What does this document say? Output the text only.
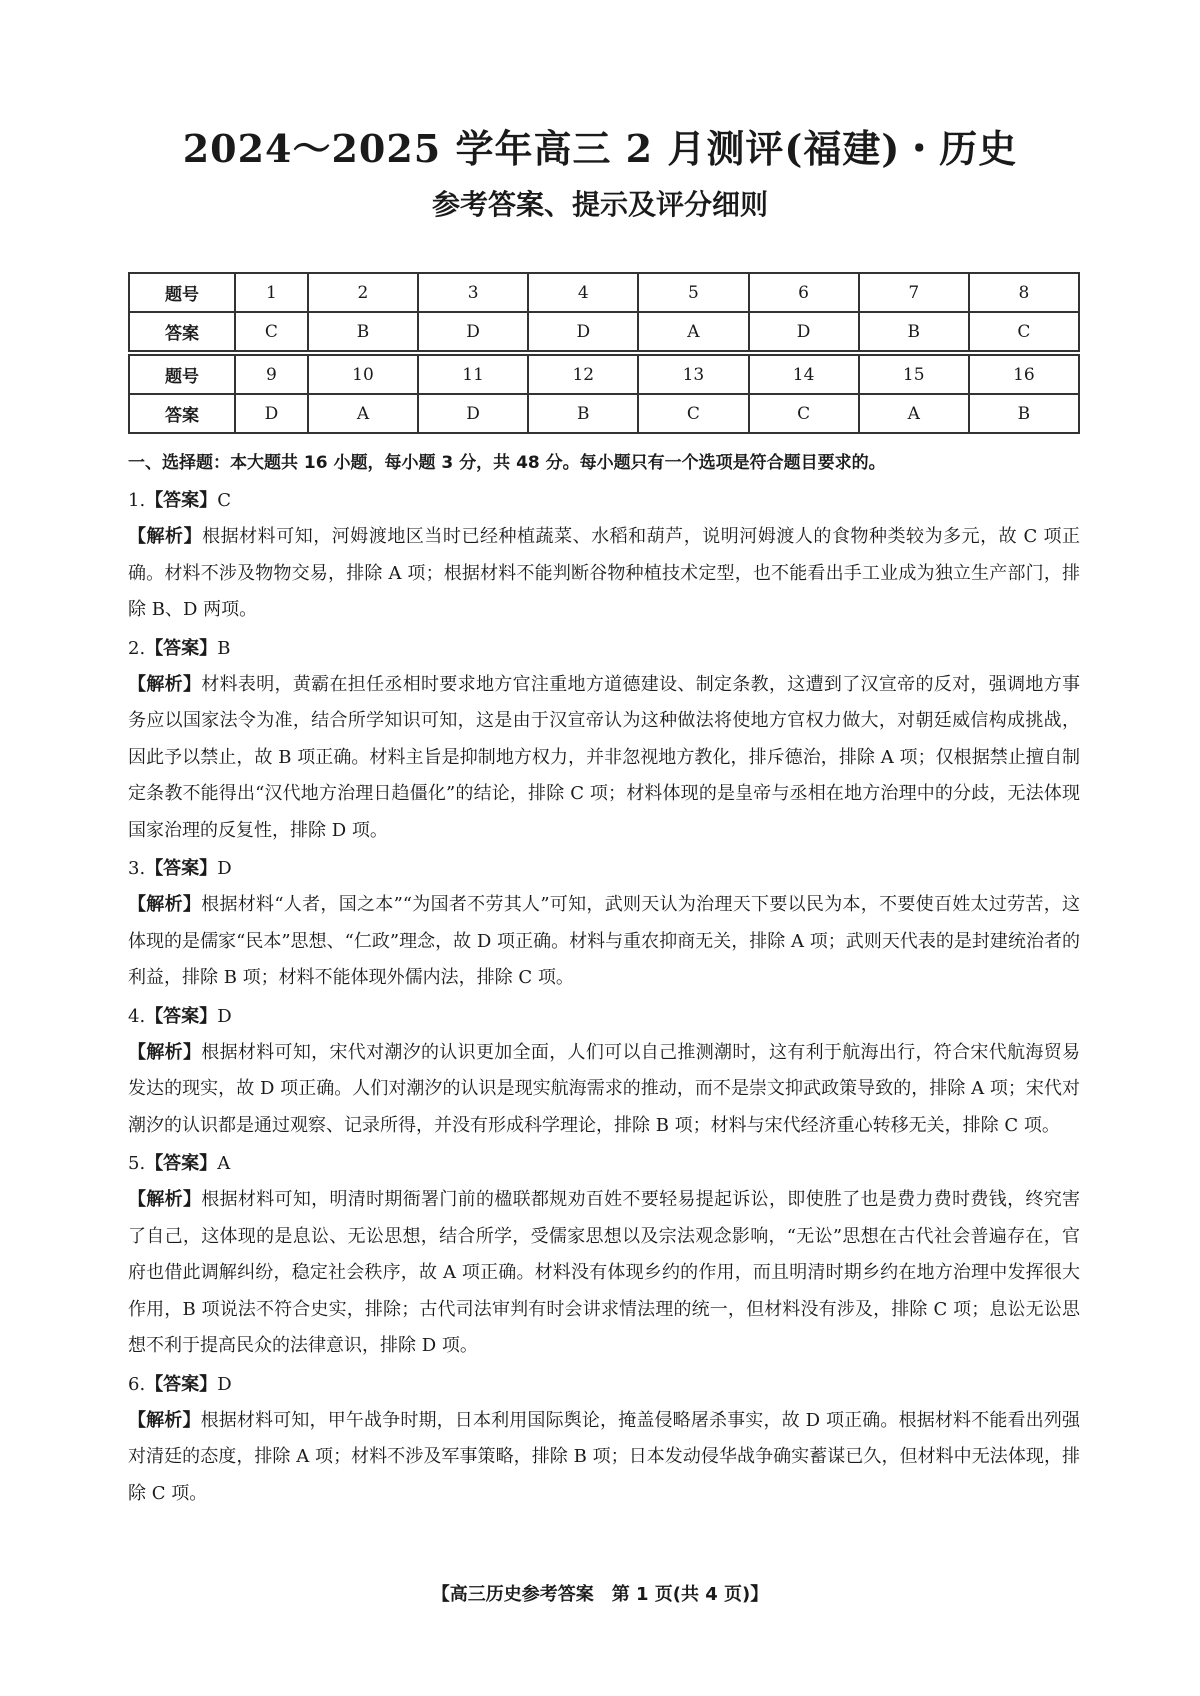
2024～2025 学年高三 2 月测评(福建)・历史
参考答案、提示及评分细则
题号	1	2	3	4	5	6	7	8
答案	C	B	D	D	A	D	B	C
题号	9	10	11	12	13	14	15	16
答案	D	A	D	B	C	C	A	B

一、选择题：本大题共 16 小题，每小题 3 分，共 48 分。每小题只有一个选项是符合题目要求的。

1.【答案】C

【解析】根据材料可知，河姆渡地区当时已经种植蔬菜、水稻和葫芦，说明河姆渡人的食物种类较为多元，故 C 项正确。材料不涉及物物交易，排除 A 项；根据材料不能判断谷物种植技术定型，也不能看出手工业成为独立生产部门，排除 B、D 两项。

2.【答案】B

【解析】材料表明，黄霸在担任丞相时要求地方官注重地方道德建设、制定条教，这遭到了汉宣帝的反对，强调地方事务应以国家法令为准，结合所学知识可知，这是由于汉宣帝认为这种做法将使地方官权力做大，对朝廷威信构成挑战，因此予以禁止，故 B 项正确。材料主旨是抑制地方权力，并非忽视地方教化，排斥德治，排除 A 项；仅根据禁止擅自制定条教不能得出“汉代地方治理日趋僵化”的结论，排除 C 项；材料体现的是皇帝与丞相在地方治理中的分歧，无法体现国家治理的反复性，排除 D 项。

3.【答案】D

【解析】根据材料“人者，国之本”“为国者不劳其人”可知，武则天认为治理天下要以民为本，不要使百姓太过劳苦，这体现的是儒家“民本”思想、“仁政”理念，故 D 项正确。材料与重农抑商无关，排除 A 项；武则天代表的是封建统治者的利益，排除 B 项；材料不能体现外儒内法，排除 C 项。

4.【答案】D

【解析】根据材料可知，宋代对潮汐的认识更加全面，人们可以自己推测潮时，这有利于航海出行，符合宋代航海贸易发达的现实，故 D 项正确。人们对潮汐的认识是现实航海需求的推动，而不是崇文抑武政策导致的，排除 A 项；宋代对潮汐的认识都是通过观察、记录所得，并没有形成科学理论，排除 B 项；材料与宋代经济重心转移无关，排除 C 项。

5.【答案】A

【解析】根据材料可知，明清时期衙署门前的楹联都规劝百姓不要轻易提起诉讼，即使胜了也是费力费时费钱，终究害了自己，这体现的是息讼、无讼思想，结合所学，受儒家思想以及宗法观念影响，“无讼”思想在古代社会普遍存在，官府也借此调解纠纷，稳定社会秩序，故 A 项正确。材料没有体现乡约的作用，而且明清时期乡约在地方治理中发挥很大作用，B 项说法不符合史实，排除；古代司法审判有时会讲求情法理的统一，但材料没有涉及，排除 C 项；息讼无讼思想不利于提高民众的法律意识，排除 D 项。

6.【答案】D

【解析】根据材料可知，甲午战争时期，日本利用国际舆论，掩盖侵略屠杀事实，故 D 项正确。根据材料不能看出列强对清廷的态度，排除 A 项；材料不涉及军事策略，排除 B 项；日本发动侵华战争确实蓄谋已久，但材料中无法体现，排除 C 项。

【高三历史参考答案　第 1 页(共 4 页)】
